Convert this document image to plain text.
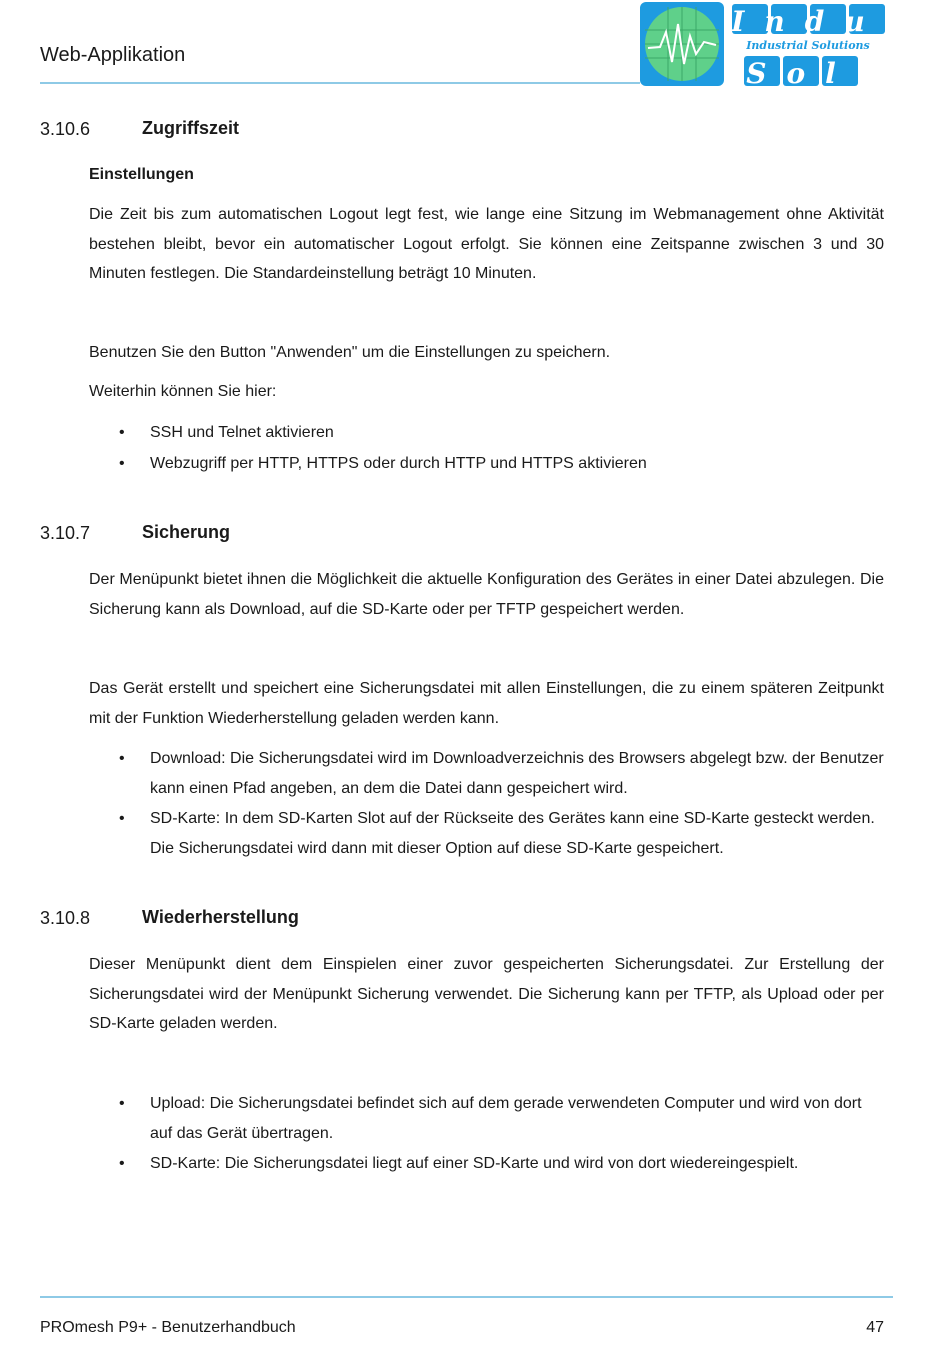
Web-Applikation
Indu
Industrial Solutions
Sol
3.10.6	Zugriffszeit
Einstellungen
Die Zeit bis zum automatischen Logout legt fest, wie lange eine Sitzung im Webmanagement ohne Aktivität bestehen bleibt, bevor ein automatischer Logout erfolgt. Sie können eine Zeitspanne zwischen 3 und 30 Minuten festlegen. Die Standardeinstellung beträgt 10 Minuten.
Benutzen Sie den Button "Anwenden" um die Einstellungen zu speichern.
Weiterhin können Sie hier:
• SSH und Telnet aktivieren
• Webzugriff per HTTP, HTTPS oder durch HTTP und HTTPS aktivieren
3.10.7	Sicherung
Der Menüpunkt bietet ihnen die Möglichkeit die aktuelle Konfiguration des Gerätes in einer Datei abzulegen. Die Sicherung kann als Download, auf die SD-Karte oder per TFTP gespeichert werden.
Das Gerät erstellt und speichert eine Sicherungsdatei mit allen Einstellungen, die zu einem späteren Zeitpunkt mit der Funktion Wiederherstellung geladen werden kann.
• Download: Die Sicherungsdatei wird im Downloadverzeichnis des Browsers abgelegt bzw. der Benutzer kann einen Pfad angeben, an dem die Datei dann gespeichert wird.
• SD-Karte: In dem SD-Karten Slot auf der Rückseite des Gerätes kann eine SD-Karte gesteckt werden. Die Sicherungsdatei wird dann mit dieser Option auf diese SD-Karte gespeichert.
3.10.8	Wiederherstellung
Dieser Menüpunkt dient dem Einspielen einer zuvor gespeicherten Sicherungsdatei. Zur Erstellung der Sicherungsdatei wird der Menüpunkt Sicherung verwendet. Die Sicherung kann per TFTP, als Upload oder per SD-Karte geladen werden.
• Upload: Die Sicherungsdatei befindet sich auf dem gerade verwendeten Computer und wird von dort auf das Gerät übertragen.
• SD-Karte: Die Sicherungsdatei liegt auf einer SD-Karte und wird von dort wiedereingespielt.
PROmesh P9+ - Benutzerhandbuch	47
